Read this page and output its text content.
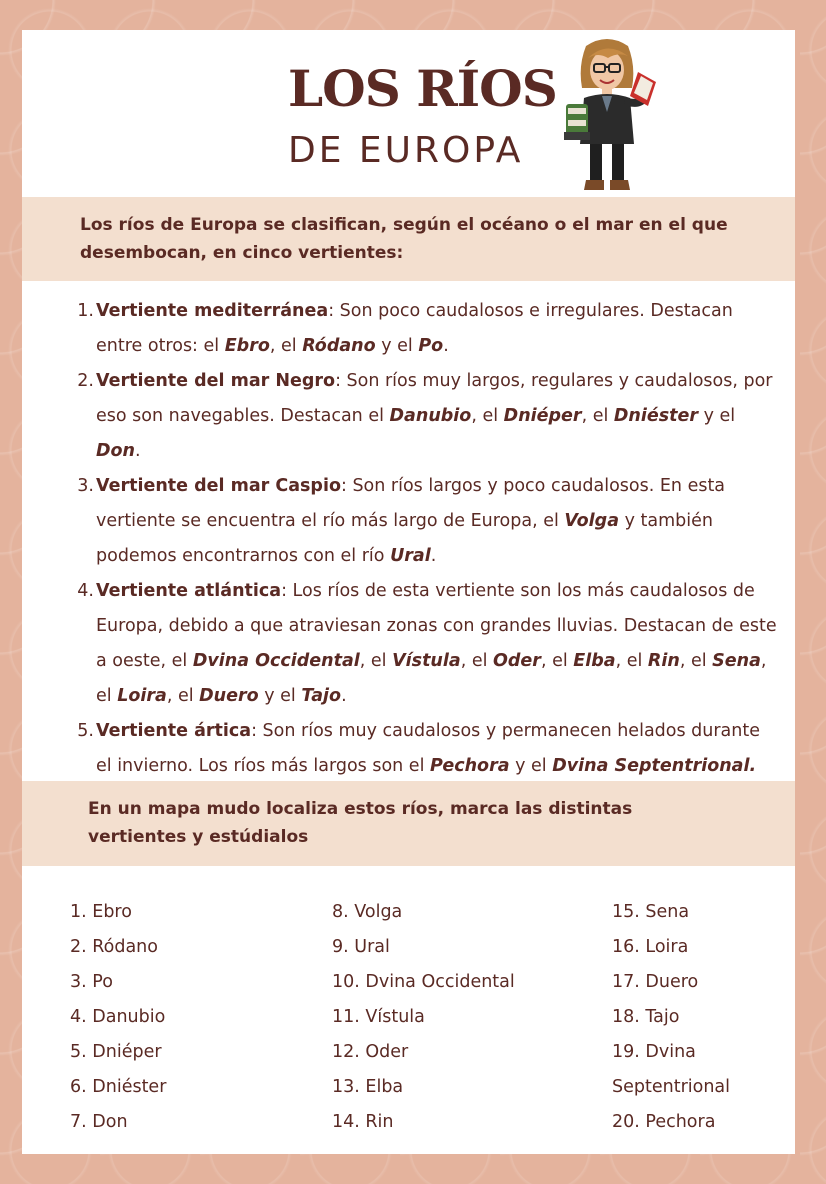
LOS RÍOS
DE EUROPA
Los ríos de Europa se clasifican, según el océano o el mar en el que desembocan, en cinco vertientes:
1. Vertiente mediterránea: Son poco caudalosos e irregulares. Destacan entre otros: el Ebro, el Ródano y el Po.
2. Vertiente del mar Negro: Son ríos muy largos, regulares y caudalosos, por eso son navegables. Destacan el Danubio, el Dniéper, el Dniéster y el Don.
3. Vertiente del mar Caspio: Son ríos largos y poco caudalosos. En esta vertiente se encuentra el río más largo de Europa, el Volga y también podemos encontrarnos con el río Ural.
4. Vertiente atlántica: Los ríos de esta vertiente son los más caudalosos de Europa, debido a que atraviesan zonas con grandes lluvias. Destacan de este a oeste, el Dvina Occidental, el Vístula, el Oder, el Elba, el Rin, el Sena, el Loira, el Duero y el Tajo.
5. Vertiente ártica: Son ríos muy caudalosos y permanecen helados durante el invierno. Los ríos más largos son el Pechora y el Dvina Septentrional.
En un mapa mudo localiza estos ríos, marca las distintas vertientes y estúdialos
1. Ebro
2. Ródano
3. Po
4. Danubio
5. Dniéper
6. Dniéster
7. Don
8. Volga
9. Ural
10. Dvina Occidental
11. Vístula
12. Oder
13. Elba
14. Rin
15. Sena
16. Loira
17. Duero
18. Tajo
19. Dvina
Septentrional
20. Pechora
